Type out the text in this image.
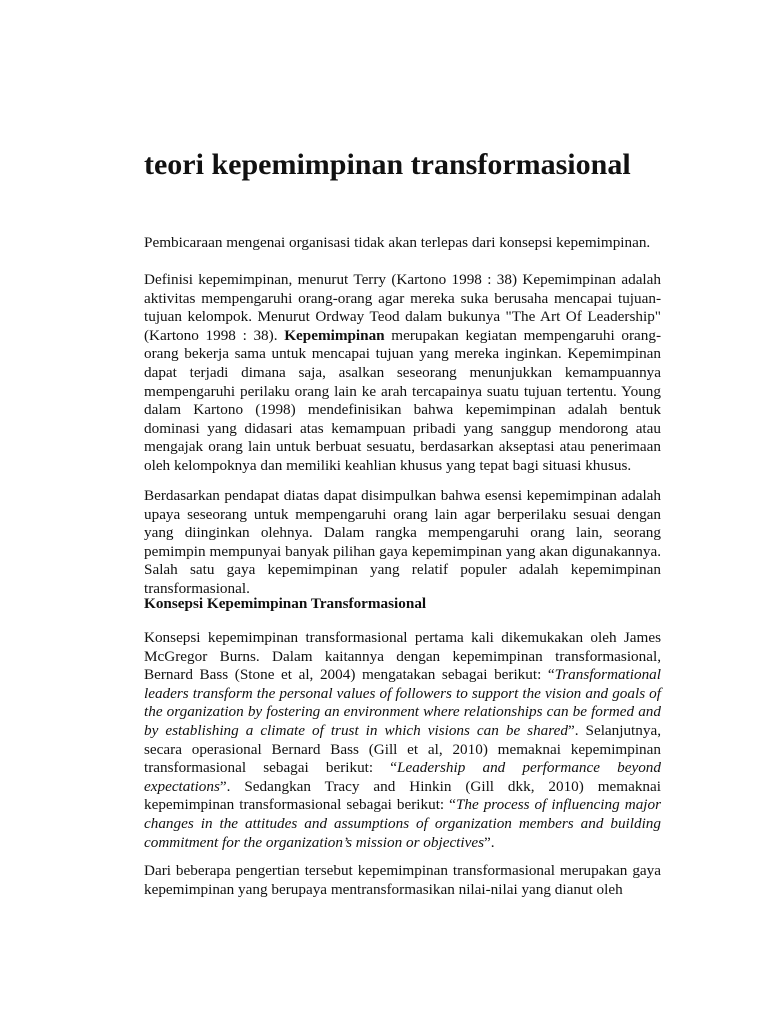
teori kepemimpinan transformasional

Pembicaraan mengenai organisasi tidak akan terlepas dari konsepsi kepemimpinan.

Definisi kepemimpinan, menurut Terry (Kartono 1998 : 38) Kepemimpinan adalah aktivitas mempengaruhi orang-orang agar mereka suka berusaha mencapai tujuan-tujuan kelompok. Menurut Ordway Teod dalam bukunya "The Art Of Leadership" (Kartono 1998 : 38). Kepemimpinan merupakan kegiatan mempengaruhi orang-orang bekerja sama untuk mencapai tujuan yang mereka inginkan. Kepemimpinan dapat terjadi dimana saja, asalkan seseorang menunjukkan kemampuannya mempengaruhi perilaku orang lain ke arah tercapainya suatu tujuan tertentu. Young dalam Kartono (1998) mendefinisikan bahwa kepemimpinan adalah bentuk dominasi yang didasari atas kemampuan pribadi yang sanggup mendorong atau mengajak orang lain untuk berbuat sesuatu, berdasarkan akseptasi atau penerimaan oleh kelompoknya dan memiliki keahlian khusus yang tepat bagi situasi khusus.

Berdasarkan pendapat diatas dapat disimpulkan bahwa esensi kepemimpinan adalah upaya seseorang untuk mempengaruhi orang lain agar berperilaku sesuai dengan yang diinginkan olehnya. Dalam rangka mempengaruhi orang lain, seorang pemimpin mempunyai banyak pilihan gaya kepemimpinan yang akan digunakannya. Salah satu gaya kepemimpinan yang relatif populer adalah kepemimpinan transformasional.

Konsepsi Kepemimpinan Transformasional

Konsepsi kepemimpinan transformasional pertama kali dikemukakan oleh James McGregor Burns. Dalam kaitannya dengan kepemimpinan transformasional, Bernard Bass (Stone et al, 2004) mengatakan sebagai berikut: “Transformational leaders transform the personal values of followers to support the vision and goals of the organization by fostering an environment where relationships can be formed and by establishing a climate of trust in which visions can be shared”. Selanjutnya, secara operasional Bernard Bass (Gill et al, 2010) memaknai kepemimpinan transformasional sebagai berikut: “Leadership and performance beyond expectations”. Sedangkan Tracy and Hinkin (Gill dkk, 2010) memaknai kepemimpinan transformasional sebagai berikut: “The process of influencing major changes in the attitudes and assumptions of organization members and building commitment for the organization’s mission or objectives”.

Dari beberapa pengertian tersebut kepemimpinan transformasional merupakan gaya kepemimpinan yang berupaya mentransformasikan nilai-nilai yang dianut oleh
